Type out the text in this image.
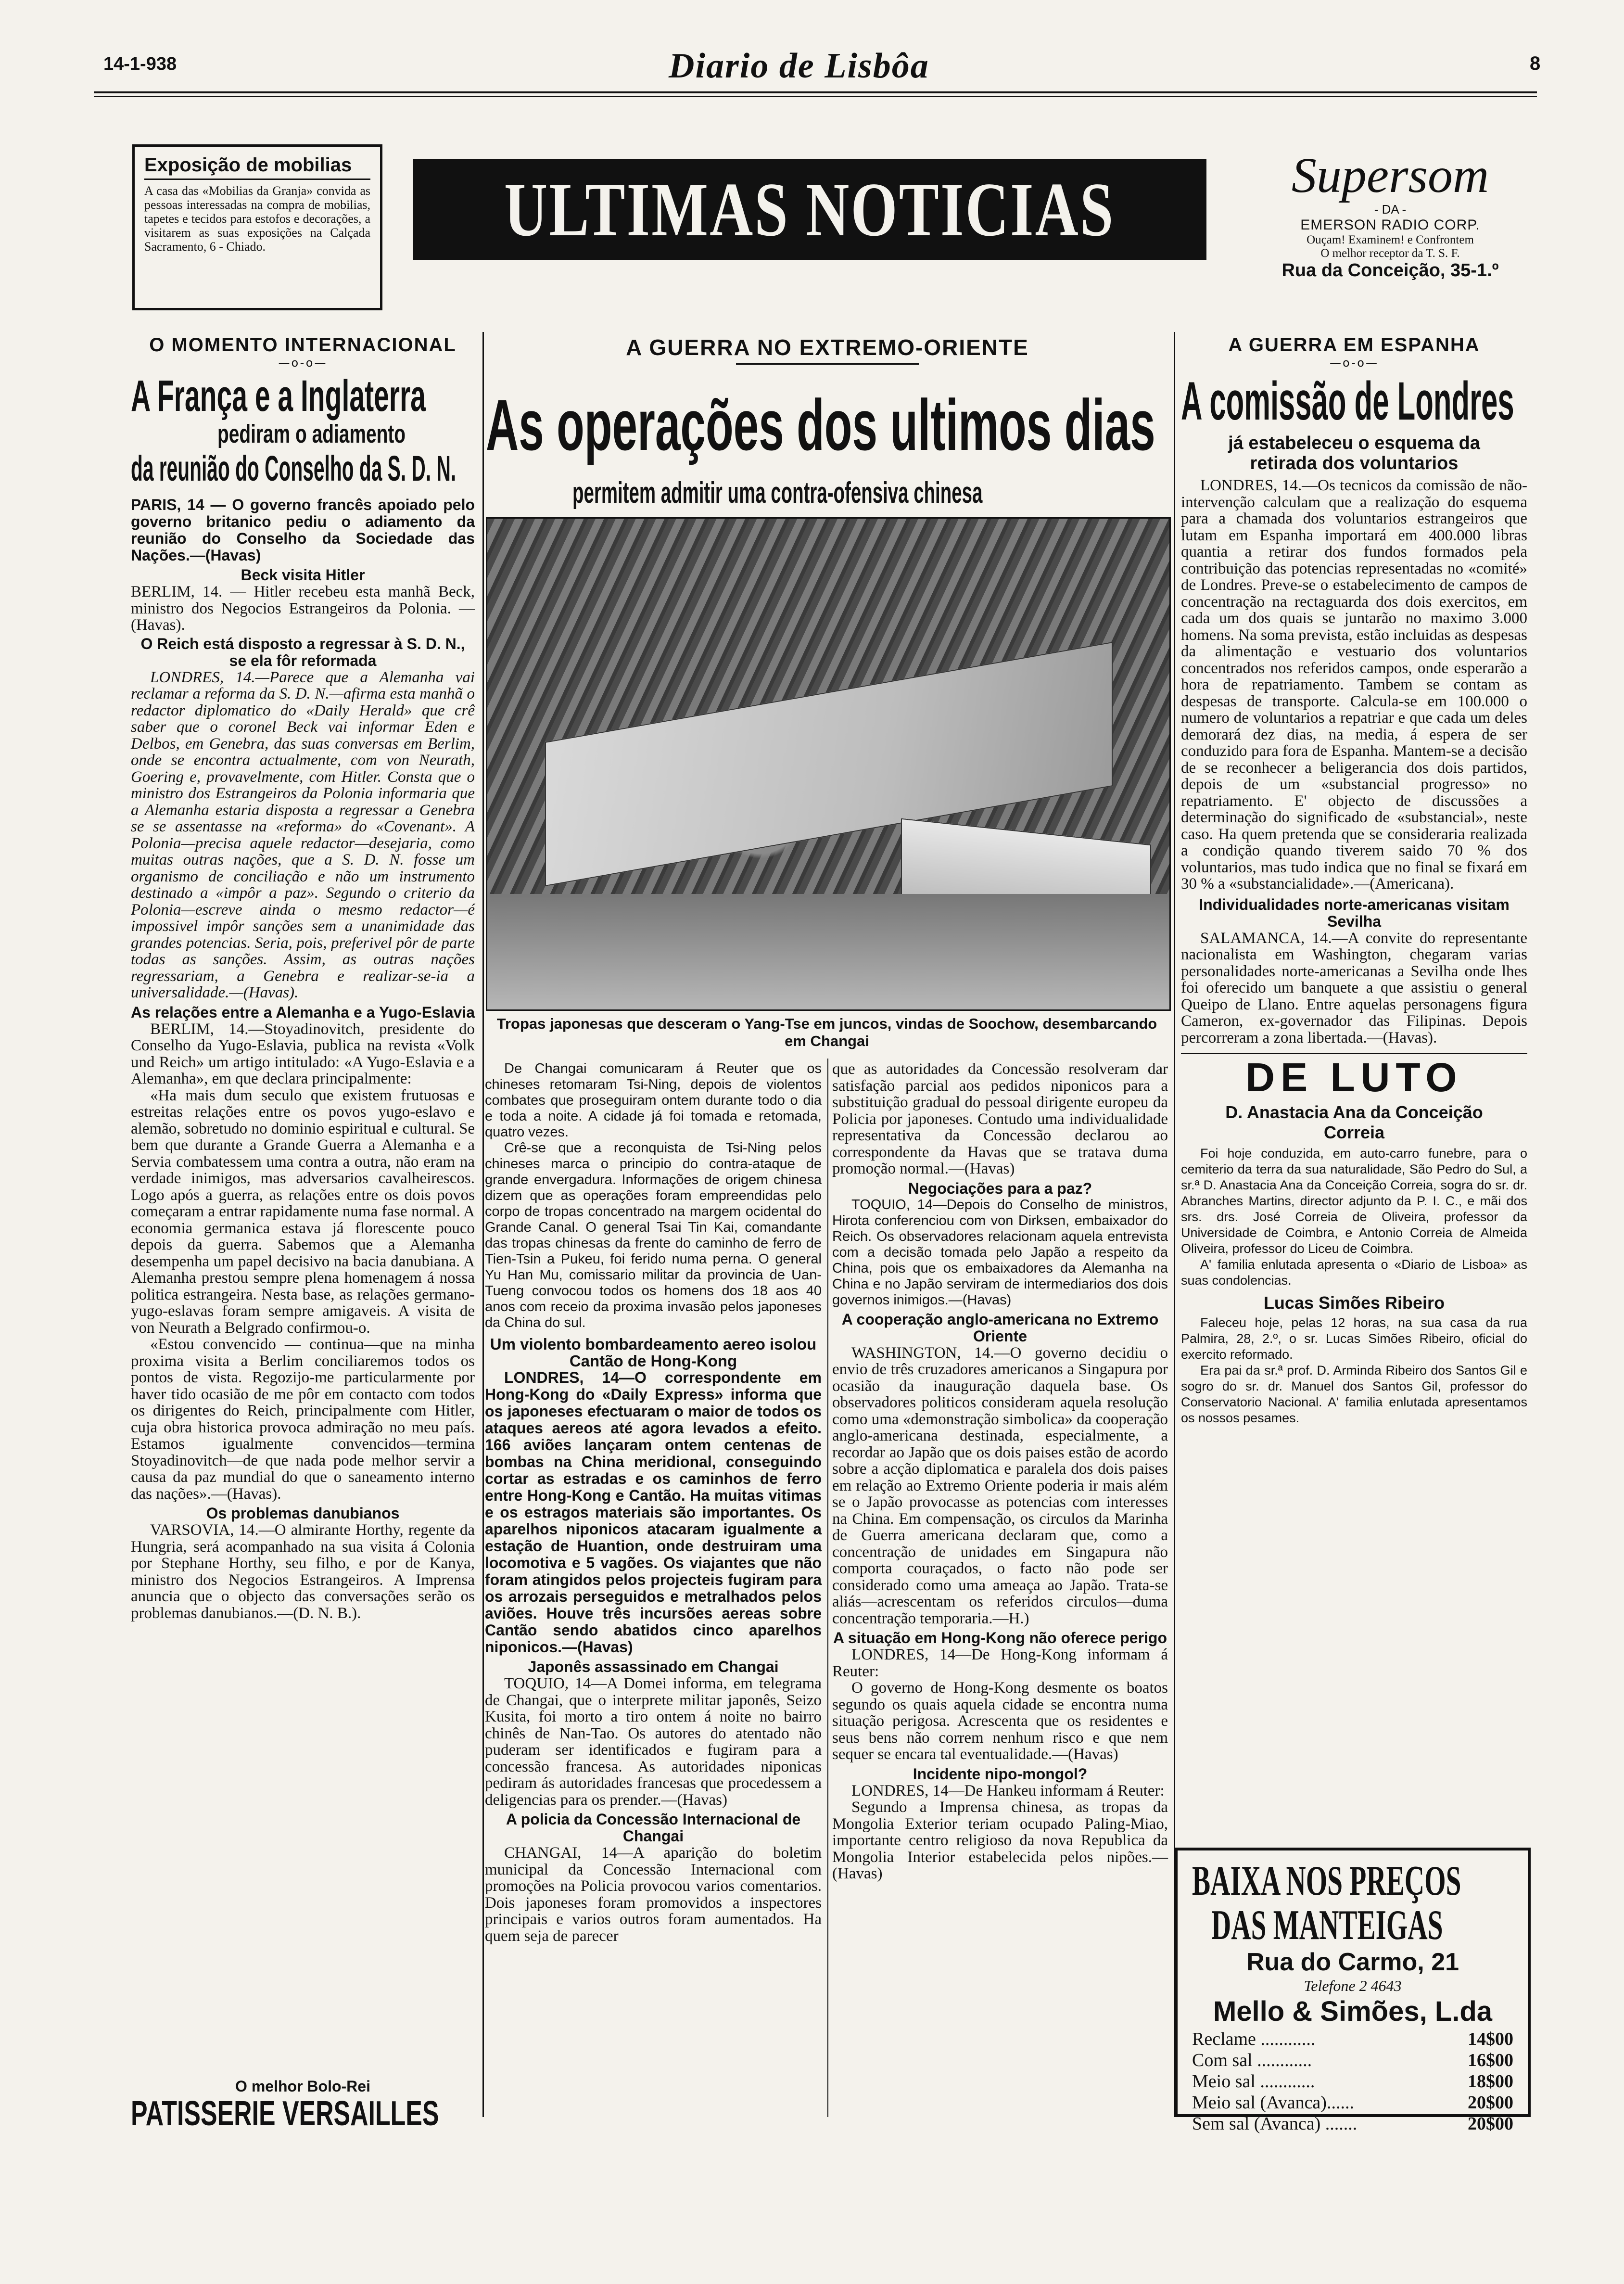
14-1-938	Diario de Lisbôa	8
Exposição de mobilias

A casa das «Mobilias da Granja» convida as pessoas interessadas na compra de mobilias, tapetes e tecidos para estofos e decorações, a visitarem as suas exposições na Calçada Sacramento, 6 - Chiado.	ULTIMAS NOTICIAS	Supersom
- DA -
EMERSON RADIO CORP.
Ouçam! Examinem! e Confrontem
O melhor receptor da T. S. F.
Rua da Conceição, 35-1.º

O MOMENTO INTERNACIONAL

—o-o—

A França e a Inglaterra
pediram o adiamento
da reunião do Conselho da S. D. N.

PARIS, 14 — O governo francês apoiado pelo governo britanico pediu o adiamento da reunião do Conselho da Sociedade das Nações.—(Havas)

Beck visita Hitler

BERLIM, 14. — Hitler recebeu esta manhã Beck, ministro dos Negocios Estrangeiros da Polonia. — (Havas).

O Reich está disposto a regressar à S. D. N., se ela fôr reformada

LONDRES, 14.—Parece que a Alemanha vai reclamar a reforma da S. D. N.—afirma esta manhã o redactor diplomatico do «Daily Herald» que crê saber que o coronel Beck vai informar Eden e Delbos, em Genebra, das suas conversas em Berlim, onde se encontra actualmente, com von Neurath, Goering e, provavelmente, com Hitler. Consta que o ministro dos Estrangeiros da Polonia informaria que a Alemanha estaria disposta a regressar a Genebra se se assentasse na «reforma» do «Covenant». A Polonia—precisa aquele redactor—desejaria, como muitas outras nações, que a S. D. N. fosse um organismo de conciliação e não um instrumento destinado a «impôr a paz». Segundo o criterio da Polonia—escreve ainda o mesmo redactor—é impossivel impôr sanções sem a unanimidade das grandes potencias. Seria, pois, preferivel pôr de parte todas as sanções. Assim, as outras nações regressariam, a Genebra e realizar-se-ia a universalidade.—(Havas).

As relações entre a Alemanha e a Yugo-Eslavia

BERLIM, 14.—Stoyadinovitch, presidente do Conselho da Yugo-Eslavia, publica na revista «Volk und Reich» um artigo intitulado: «A Yugo-Eslavia e a Alemanha», em que declara principalmente:

«Ha mais dum seculo que existem frutuosas e estreitas relações entre os povos yugo-eslavo e alemão, sobretudo no dominio espiritual e cultural. Se bem que durante a Grande Guerra a Alemanha e a Servia combatessem uma contra a outra, não eram na verdade inimigos, mas adversarios cavalheirescos. Logo após a guerra, as relações entre os dois povos começaram a entrar rapidamente numa fase normal. A economia germanica estava já florescente pouco depois da guerra. Sabemos que a Alemanha desempenha um papel decisivo na bacia danubiana. A Alemanha prestou sempre plena homenagem á nossa politica estrangeira. Nesta base, as relações germano-yugo-eslavas foram sempre amigaveis. A visita de von Neurath a Belgrado confirmou-o.

«Estou convencido — continua—que na minha proxima visita a Berlim conciliaremos todos os pontos de vista. Regozijo-me particularmente por haver tido ocasião de me pôr em contacto com todos os dirigentes do Reich, principalmente com Hitler, cuja obra historica provoca admiração no meu país. Estamos igualmente convencidos—termina Stoyadinovitch—de que nada pode melhor servir a causa da paz mundial do que o saneamento interno das nações».—(Havas).

Os problemas danubianos

VARSOVIA, 14.—O almirante Horthy, regente da Hungria, será acompanhado na sua visita á Colonia por Stephane Horthy, seu filho, e por de Kanya, ministro dos Negocios Estrangeiros. A Imprensa anuncia que o objecto das conversações serão os problemas danubianos.—(D. N. B.).

O melhor Bolo-Rei
PATISSERIE VERSAILLES

A GUERRA NO EXTREMO-ORIENTE

As operações dos ultimos dias
permitem admitir uma contra-ofensiva chinesa

Tropas japonesas que desceram o Yang-Tse em juncos, vindas de Soochow, desembarcando em Changai

De Changai comunicaram á Reuter que os chineses retomaram Tsi-Ning, depois de violentos combates que proseguiram ontem durante todo o dia e toda a noite. A cidade já foi tomada e retomada, quatro vezes.

Crê-se que a reconquista de Tsi-Ning pelos chineses marca o principio do contra-ataque de grande envergadura. Informações de origem chinesa dizem que as operações foram empreendidas pelo corpo de tropas concentrado na margem ocidental do Grande Canal. O general Tsai Tin Kai, comandante das tropas chinesas da frente do caminho de ferro de Tien-Tsin a Pukeu, foi ferido numa perna. O general Yu Han Mu, comissario militar da provincia de Uan-Tueng convocou todos os homens dos 18 aos 40 anos com receio da proxima invasão pelos japoneses da China do sul.

Um violento bombardeamento aereo isolou Cantão de Hong-Kong

LONDRES, 14—O correspondente em Hong-Kong do «Daily Express» informa que os japoneses efectuaram o maior de todos os ataques aereos até agora levados a efeito. 166 aviões lançaram ontem centenas de bombas na China meridional, conseguindo cortar as estradas e os caminhos de ferro entre Hong-Kong e Cantão. Ha muitas vitimas e os estragos materiais são importantes. Os aparelhos niponicos atacaram igualmente a estação de Huantion, onde destruiram uma locomotiva e 5 vagões. Os viajantes que não foram atingidos pelos projecteis fugiram para os arrozais perseguidos e metralhados pelos aviões. Houve três incursões aereas sobre Cantão sendo abatidos cinco aparelhos niponicos.—(Havas)

Japonês assassinado em Changai

TOQUIO, 14—A Domei informa, em telegrama de Changai, que o interprete militar japonês, Seizo Kusita, foi morto a tiro ontem á noite no bairro chinês de Nan-Tao. Os autores do atentado não puderam ser identificados e fugiram para a concessão francesa. As autoridades niponicas pediram ás autoridades francesas que procedessem a deligencias para os prender.—(Havas)

A policia da Concessão Internacional de Changai

CHANGAI, 14—A aparição do boletim municipal da Concessão Internacional com promoções na Policia provocou varios comentarios. Dois japoneses foram promovidos a inspectores principais e varios outros foram aumentados. Ha quem seja de parecer

que as autoridades da Concessão resolveram dar satisfação parcial aos pedidos niponicos para a substituição gradual do pessoal dirigente europeu da Policia por japoneses. Contudo uma individualidade representativa da Concessão declarou ao correspondente da Havas que se tratava duma promoção normal.—(Havas)

Negociações para a paz?

TOQUIO, 14—Depois do Conselho de ministros, Hirota conferenciou com von Dirksen, embaixador do Reich. Os observadores relacionam aquela entrevista com a decisão tomada pelo Japão a respeito da China, pois que os embaixadores da Alemanha na China e no Japão serviram de intermediarios dos dois governos inimigos.—(Havas)

A cooperação anglo-americana no Extremo Oriente

WASHINGTON, 14.—O governo decidiu o envio de três cruzadores americanos a Singapura por ocasião da inauguração daquela base. Os observadores politicos consideram aquela resolução como uma «demonstração simbolica» da cooperação anglo-americana destinada, especialmente, a recordar ao Japão que os dois paises estão de acordo sobre a acção diplomatica e paralela dos dois paises em relação ao Extremo Oriente poderia ir mais além se o Japão provocasse as potencias com interesses na China. Em compensação, os circulos da Marinha de Guerra americana declaram que, como a concentração de unidades em Singapura não comporta couraçados, o facto não pode ser considerado como uma ameaça ao Japão. Trata-se aliás—acrescentam os referidos circulos—duma concentração temporaria.—H.)

A situação em Hong-Kong não oferece perigo

LONDRES, 14—De Hong-Kong informam á Reuter:

O governo de Hong-Kong desmente os boatos segundo os quais aquela cidade se encontra numa situação perigosa. Acrescenta que os residentes e seus bens não correm nenhum risco e que nem sequer se encara tal eventualidade.—(Havas)

Incidente nipo-mongol?

LONDRES, 14—De Hankeu informam á Reuter:

Segundo a Imprensa chinesa, as tropas da Mongolia Exterior teriam ocupado Paling-Miao, importante centro religioso da nova Republica da Mongolia Interior estabelecida pelos nipões.—(Havas)

A GUERRA EM ESPANHA

—o-o—

A comissão de Londres

já estabeleceu o esquema da retirada dos voluntarios

LONDRES, 14.—Os tecnicos da comissão de não-intervenção calculam que a realização do esquema para a chamada dos voluntarios estrangeiros que lutam em Espanha importará em 400.000 libras quantia a retirar dos fundos formados pela contribuição das potencias representadas no «comité» de Londres. Preve-se o estabelecimento de campos de concentração na rectaguarda dos dois exercitos, em cada um dos quais se juntarão no maximo 3.000 homens. Na soma prevista, estão incluidas as despesas da alimentação e vestuario dos voluntarios concentrados nos referidos campos, onde esperarão a hora de repatriamento. Tambem se contam as despesas de transporte. Calcula-se em 100.000 o numero de voluntarios a repatriar e que cada um deles demorará dez dias, na media, á espera de ser conduzido para fora de Espanha. Mantem-se a decisão de se reconhecer a beligerancia dos dois partidos, depois de um «substancial progresso» no repatriamento. E' objecto de discussões a determinação do significado de «substancial», neste caso. Ha quem pretenda que se consideraria realizada a condição quando tiverem saido 70 % dos voluntarios, mas tudo indica que no final se fixará em 30 % a «substancialidade».—(Americana).

Individualidades norte-americanas visitam Sevilha

SALAMANCA, 14.—A convite do representante nacionalista em Washington, chegaram varias personalidades norte-americanas a Sevilha onde lhes foi oferecido um banquete a que assistiu o general Queipo de Llano. Entre aquelas personagens figura Cameron, ex-governador das Filipinas. Depois percorreram a zona libertada.—(Havas).

DE LUTO

D. Anastacia Ana da Conceição Correia

Foi hoje conduzida, em auto-carro funebre, para o cemiterio da terra da sua naturalidade, São Pedro do Sul, a sr.ª D. Anastacia Ana da Conceição Correia, sogra do sr. dr. Abranches Martins, director adjunto da P. I. C., e mãi dos srs. drs. José Correia de Oliveira, professor da Universidade de Coimbra, e Antonio Correia de Almeida Oliveira, professor do Liceu de Coimbra.

A' familia enlutada apresenta o «Diario de Lisboa» as suas condolencias.

Lucas Simões Ribeiro

Faleceu hoje, pelas 12 horas, na sua casa da rua Palmira, 28, 2.º, o sr. Lucas Simões Ribeiro, oficial do exercito reformado.

Era pai da sr.ª prof. D. Arminda Ribeiro dos Santos Gil e sogro do sr. dr. Manuel dos Santos Gil, professor do Conservatorio Nacional. A' familia enlutada apresentamos os nossos pesames.

BAIXA NOS PREÇOS
DAS MANTEIGAS
Rua do Carmo, 21
Telefone 2 4643
Mello & Simões, L.da
Reclame ............	14$00
Com sal ............	16$00
Meio sal ............	18$00
Meio sal (Avanca)......	20$00
Sem sal (Avanca) .......	20$00
